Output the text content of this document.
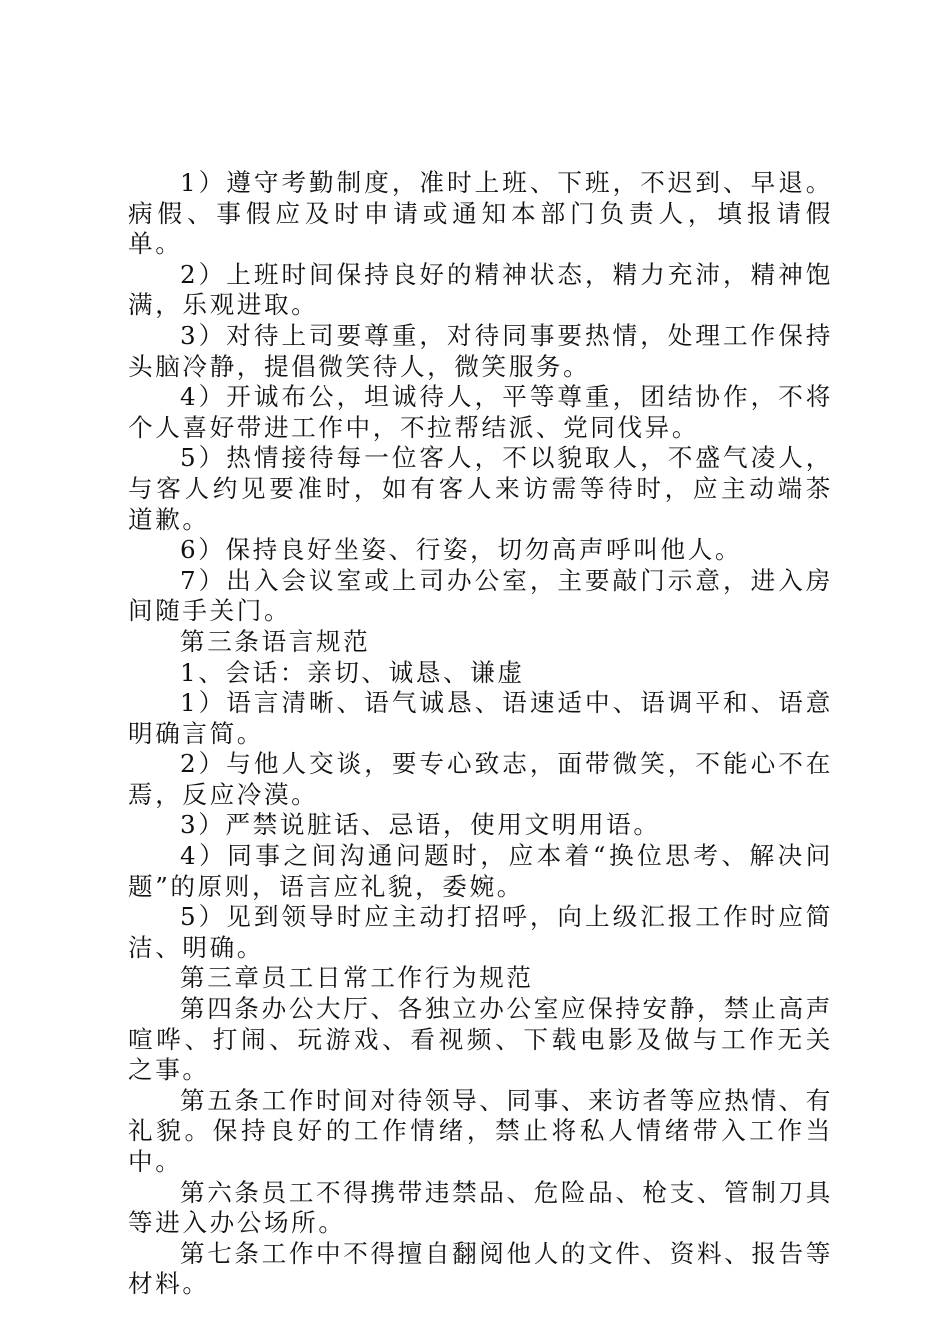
1）遵守考勤制度，准时上班、下班，不迟到、早退。病假、事假应及时申请或通知本部门负责人，填报请假单。

2）上班时间保持良好的精神状态，精力充沛，精神饱满，乐观进取。

3）对待上司要尊重，对待同事要热情，处理工作保持头脑冷静，提倡微笑待人，微笑服务。

4）开诚布公，坦诚待人，平等尊重，团结协作，不将个人喜好带进工作中，不拉帮结派、党同伐异。

5）热情接待每一位客人，不以貌取人，不盛气凌人，与客人约见要准时，如有客人来访需等待时，应主动端茶道歉。

6）保持良好坐姿、行姿，切勿高声呼叫他人。

7）出入会议室或上司办公室，主要敲门示意，进入房间随手关门。

第三条语言规范

1、会话：亲切、诚恳、谦虚

1）语言清晰、语气诚恳、语速适中、语调平和、语意明确言简。

2）与他人交谈，要专心致志，面带微笑，不能心不在焉，反应冷漠。

3）严禁说脏话、忌语，使用文明用语。

4）同事之间沟通问题时，应本着“换位思考、解决问题”的原则，语言应礼貌，委婉。

5）见到领导时应主动打招呼，向上级汇报工作时应简洁、明确。

第三章员工日常工作行为规范

第四条办公大厅、各独立办公室应保持安静，禁止高声喧哗、打闹、玩游戏、看视频、下载电影及做与工作无关之事。

第五条工作时间对待领导、同事、来访者等应热情、有礼貌。保持良好的工作情绪，禁止将私人情绪带入工作当中。

第六条员工不得携带违禁品、危险品、枪支、管制刀具等进入办公场所。

第七条工作中不得擅自翻阅他人的文件、资料、报告等材料。
